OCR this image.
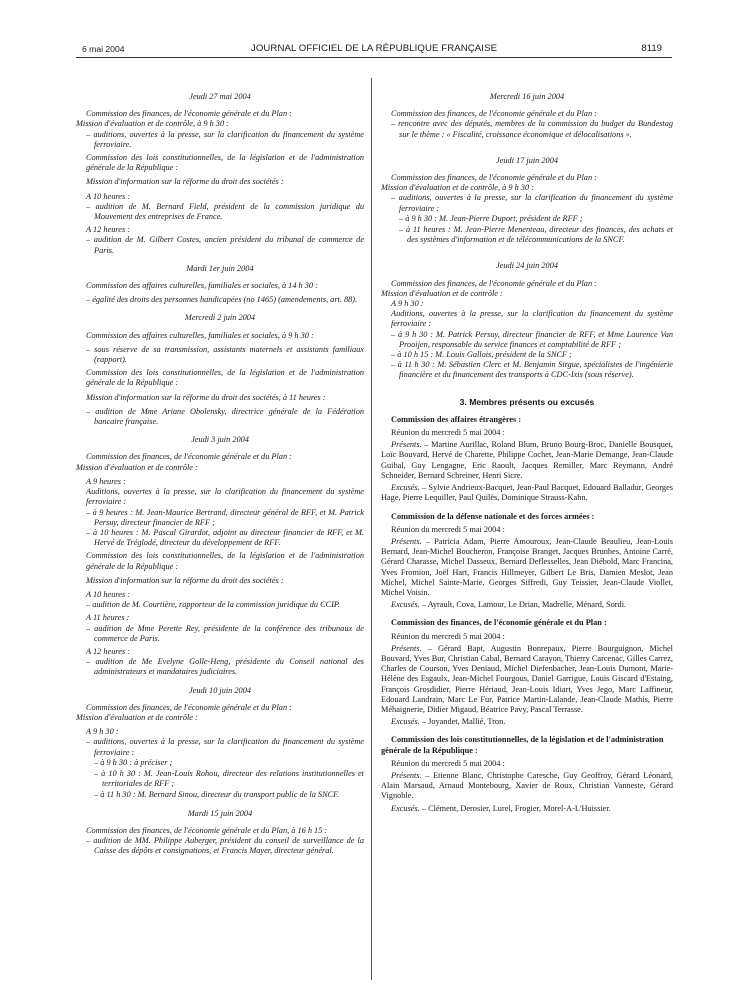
6 mai 2004	JOURNAL OFFICIEL DE LA RÉPUBLIQUE FRANÇAISE	8119
Jeudi 27 mai 2004
Commission des finances, de l'économie générale et du Plan :
Mission d'évaluation et de contrôle, à 9 h 30 :
– auditions, ouvertes à la presse, sur la clarification du financement du système ferroviaire.
Commission des lois constitutionnelles, de la législation et de l'administration générale de la République :
Mission d'information sur la réforme du droit des sociétés :
A 10 heures :
– audition de M. Bernard Field, président de la commission juridique du Mouvement des entreprises de France.
A 12 heures :
– audition de M. Gilbert Costes, ancien président du tribunal de commerce de Paris.
Mardi 1er juin 2004
Commission des affaires culturelles, familiales et sociales, à 14 h 30 :
– égalité des droits des personnes handicapées (no 1465) (amendements, art. 88).
Mercredi 2 juin 2004
Commission des affaires culturelles, familiales et sociales, à 9 h 30 :
– sous réserve de sa transmission, assistants maternels et assistants familiaux (rapport).
Commission des lois constitutionnelles, de la législation et de l'administration générale de la République :
Mission d'information sur la réforme du droit des sociétés, à 11 heures :
– audition de Mme Ariane Obolensky, directrice générale de la Fédération bancaire française.
Jeudi 3 juin 2004
Commission des finances, de l'économie générale et du Plan :
Mission d'évaluation et de contrôle :
A 9 heures :
Auditions, ouvertes à la presse, sur la clarification du financement du système ferroviaire :
– à 9 heures : M. Jean-Maurice Bertrand, directeur général de RFF, et M. Patrick Persuy, directeur financier de RFF ;
– à 10 heures : M. Pascal Girardot, adjoint au directeur financier de RFF, et M. Hervé de Tréglodé, directeur du développement de RFF.
Commission des lois constitutionnelles, de la législation et de l'administration générale de la République :
Mission d'information sur la réforme du droit des sociétés :
A 10 heures :
– audition de M. Courtière, rapporteur de la commission juridique du CCIP.
A 11 heures :
– audition de Mme Perette Rey, présidente de la conférence des tribunaux de commerce de Paris.
A 12 heures :
– audition de Me Evelyne Golle-Heng, présidente du Conseil national des administrateurs et mandataires judiciaires.
Jeudi 10 juin 2004
Commission des finances, de l'économie générale et du Plan :
Mission d'évaluation et de contrôle :
A 9 h 30 :
– auditions, ouvertes à la presse, sur la clarification du financement du système ferroviaire :
– à 9 h 30 : à préciser ;
– à 10 h 30 : M. Jean-Louis Rohou, directeur des relations institutionnelles et territoriales de RFF ;
– à 11 h 30 : M. Bernard Sinou, directeur du transport public de la SNCF.
Mardi 15 juin 2004
Commission des finances, de l'économie générale et du Plan, à 16 h 15 :
– audition de MM. Philippe Auberger, président du conseil de surveillance de la Caisse des dépôts et consignations, et Francis Mayer, directeur général.
Mercredi 16 juin 2004
Commission des finances, de l'économie générale et du Plan :
– rencontre avec des députés, membres de la commission du budget du Bundestag sur le thème : « Fiscalité, croissance économique et délocalisations ».
Jeudi 17 juin 2004
Commission des finances, de l'économie générale et du Plan :
Mission d'évaluation et de contrôle, à 9 h 30 :
– auditions, ouvertes à la presse, sur la clarification du financement du système ferroviaire :
– à 9 h 30 : M. Jean-Pierre Duport, président de RFF ;
– à 11 heures : M. Jean-Pierre Menenteau, directeur des finances, des achats et des systèmes d'information et de télécommunications de la SNCF.
Jeudi 24 juin 2004
Commission des finances, de l'économie générale et du Plan :
Mission d'évaluation et de contrôle :
A 9 h 30 :
Auditions, ouvertes à la presse, sur la clarification du financement du système ferroviaire :
– à 9 h 30 : M. Patrick Persuy, directeur financier de RFF, et Mme Laurence Van Prooijen, responsable du service finances et comptabilité de RFF ;
– à 10 h 15 : M. Louis Gallois, président de la SNCF ;
– à 11 h 30 : M. Sébastien Clerc et M. Benjamin Sirgue, spécialistes de l'ingénierie financière et du financement des transports à CDC-Ixis (sous réserve).
3. Membres présents ou excusés
Commission des affaires étrangères :
Réunion du mercredi 5 mai 2004 :
Présents. – Martine Aurillac, Roland Blum, Bruno Bourg-Broc, Danielle Bousquet, Loïc Bouvard, Hervé de Charette, Philippe Cochet, Jean-Marie Demange, Jean-Claude Guibal, Guy Lengagne, Eric Raoult, Jacques Remiller, Marc Reymann, André Schneider, Bernard Schreiner, Henri Sicre.
Excusés. – Sylvie Andrieux-Bacquet, Jean-Paul Bacquet, Edouard Balladur, Georges Hage, Pierre Lequiller, Paul Quilès, Dominique Strauss-Kahn.
Commission de la défense nationale et des forces armées :
Réunion du mercredi 5 mai 2004 :
Présents. – Patricia Adam, Pierre Amouroux, Jean-Claude Beaulieu, Jean-Louis Bernard, Jean-Michel Boucheron, Françoise Branget, Jacques Brunhes, Antoine Carré, Gérard Charasse, Michel Dasseux, Bernard Deflesselles, Jean Diébold, Marc Francina, Yves Fromion, Joël Hart, Francis Hillmeyer, Gilbert Le Bris, Damien Meslot, Jean Michel, Michel Sainte-Marie, Georges Siffredi, Guy Teissier, Jean-Claude Viollet, Michel Voisin.
Excusés. – Ayrault, Cova, Lamour, Le Drian, Madrelle, Ménard, Sordi.
Commission des finances, de l'économie générale et du Plan :
Réunion du mercredi 5 mai 2004 :
Présents. – Gérard Bapt, Augustin Bonrepaux, Pierre Bourguignon, Michel Bouvard, Yves Bur, Christian Cabal, Bernard Carayon, Thierry Carcenac, Gilles Carrez, Charles de Courson, Yves Deniaud, Michel Diefenbacher, Jean-Louis Dumont, Marie-Hélène des Esgaulx, Jean-Michel Fourgous, Daniel Garrigue, Louis Giscard d'Estaing, François Grosdidier, Pierre Hériaud, Jean-Louis Idiart, Yves Jego, Marc Laffineur, Edouard Landrain, Marc Le Fur, Patrice Martin-Lalande, Jean-Claude Mathis, Pierre Méhaignerie, Didier Migaud, Béatrice Pavy, Pascal Terrasse.
Excusés. – Joyandet, Mallié, Tron.
Commission des lois constitutionnelles, de la législation et de l'administration générale de la République :
Réunion du mercredi 5 mai 2004 :
Présents. – Etienne Blanc, Christophe Caresche, Guy Geoffroy, Gérard Léonard, Alain Marsaud, Arnaud Montebourg, Xavier de Roux, Christian Vanneste, Gérard Vignoble.
Excusés. – Clément, Derosier, Lurel, Frogier, Morel-A-L'Huissier.
